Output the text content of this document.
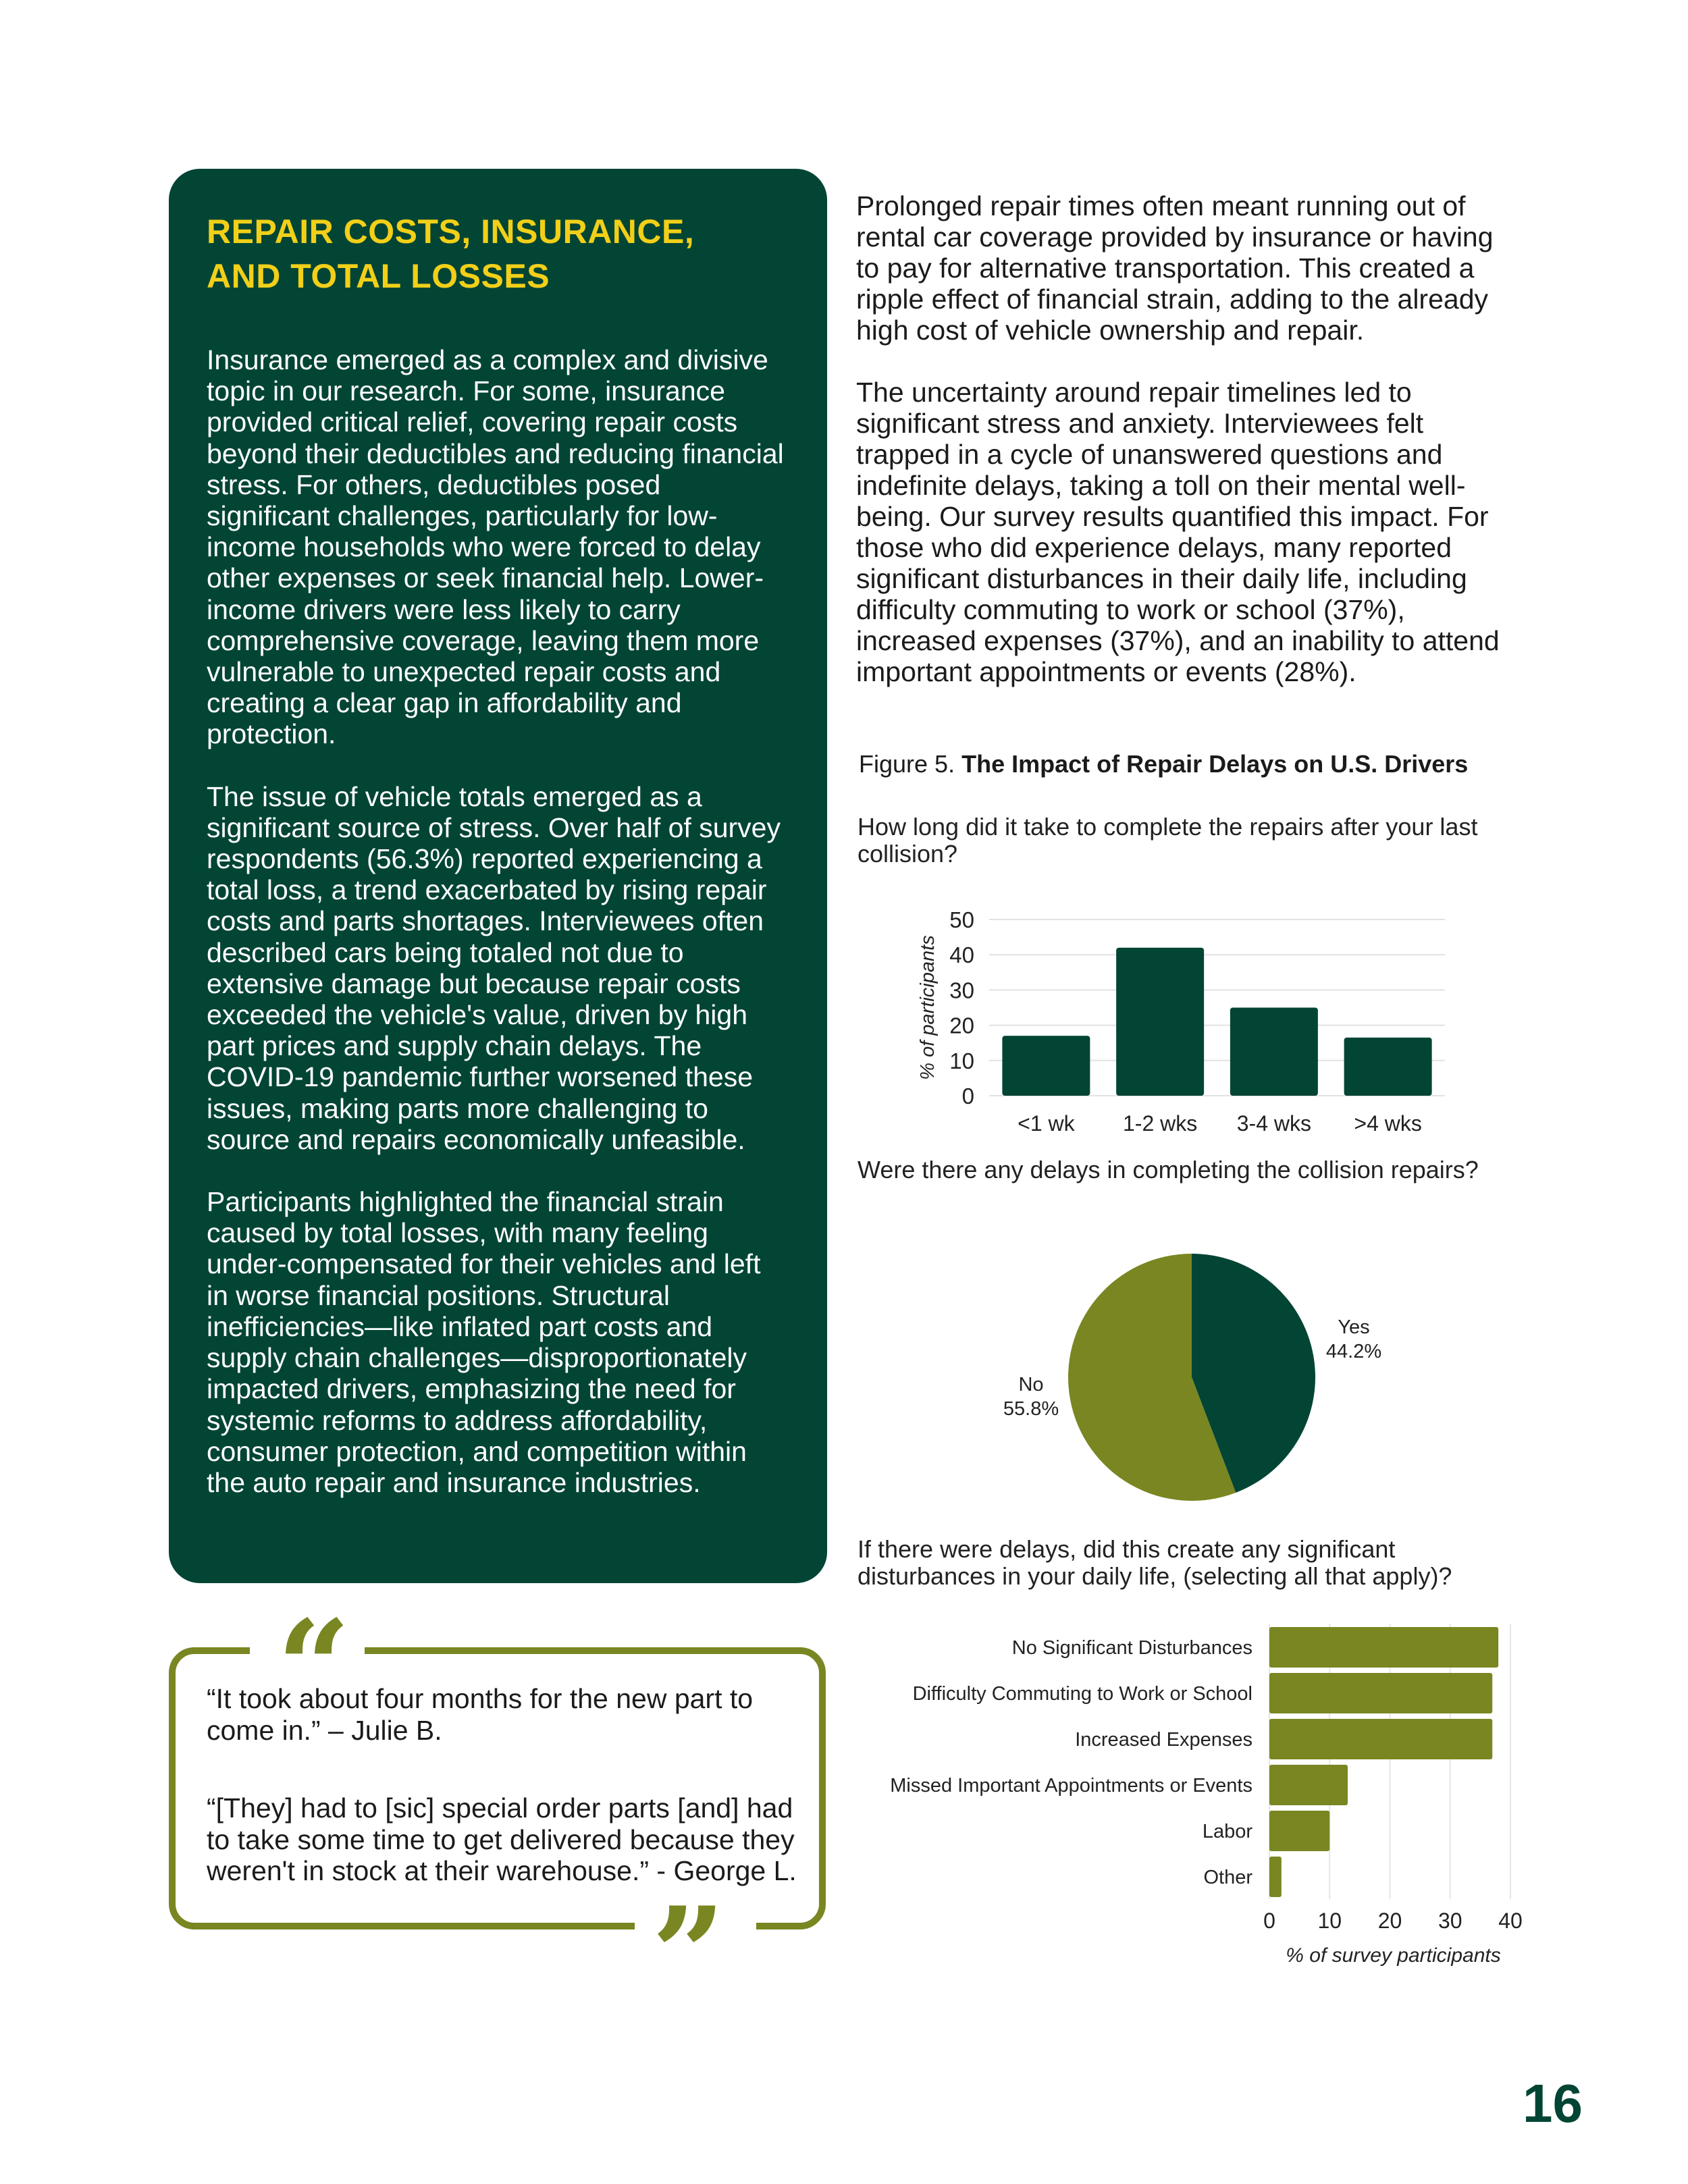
REPAIR COSTS, INSURANCE,
AND TOTAL LOSSES

Insurance emerged as a complex and divisive topic in our research. For some, insurance provided critical relief, covering repair costs beyond their deductibles and reducing financial stress. For others, deductibles posed significant challenges, particularly for low-income households who were forced to delay other expenses or seek financial help. Lower-income drivers were less likely to carry comprehensive coverage, leaving them more vulnerable to unexpected repair costs and creating a clear gap in affordability and protection.

The issue of vehicle totals emerged as a significant source of stress. Over half of survey respondents (56.3%) reported experiencing a total loss, a trend exacerbated by rising repair costs and parts shortages. Interviewees often described cars being totaled not due to extensive damage but because repair costs exceeded the vehicle's value, driven by high part prices and supply chain delays. The COVID-19 pandemic further worsened these issues, making parts more challenging to source and repairs economically unfeasible.

Participants highlighted the financial strain caused by total losses, with many feeling under-compensated for their vehicles and left in worse financial positions. Structural inefficiencies—like inflated part costs and supply chain challenges—disproportionately impacted drivers, emphasizing the need for systemic reforms to address affordability, consumer protection, and competition within the auto repair and insurance industries.

“
”

“It took about four months for the new part to come in.” – Julie B.

“[They] had to [sic] special order parts [and] had to take some time to get delivered because they weren't in stock at their warehouse.” - George L.

Prolonged repair times often meant running out of rental car coverage provided by insurance or having to pay for alternative transportation. This created a ripple effect of financial strain, adding to the already high cost of vehicle ownership and repair.

The uncertainty around repair timelines led to significant stress and anxiety. Interviewees felt trapped in a cycle of unanswered questions and indefinite delays, taking a toll on their mental well-being. Our survey results quantified this impact. For those who did experience delays, many reported significant disturbances in their daily life, including difficulty commuting to work or school (37%), increased expenses (37%), and an inability to attend important appointments or events (28%).

Figure 5. The Impact of Repair Delays on U.S. Drivers

How long did it take to complete the repairs after your last collision?

Were there any delays in completing the collision repairs?

If there were delays, did this create any significant disturbances in your daily life, (selecting all that apply)?

0
10
20
30
40
50
% of participants
<1 wk 1-2 wks 3-4 wks >4 wks
Yes
44.2%
No
55.8%
0 10 20 30 40
% of survey participants
No Significant Disturbances
Difficulty Commuting to Work or School
Increased Expenses
Missed Important Appointments or Events
Labor
Other
16
